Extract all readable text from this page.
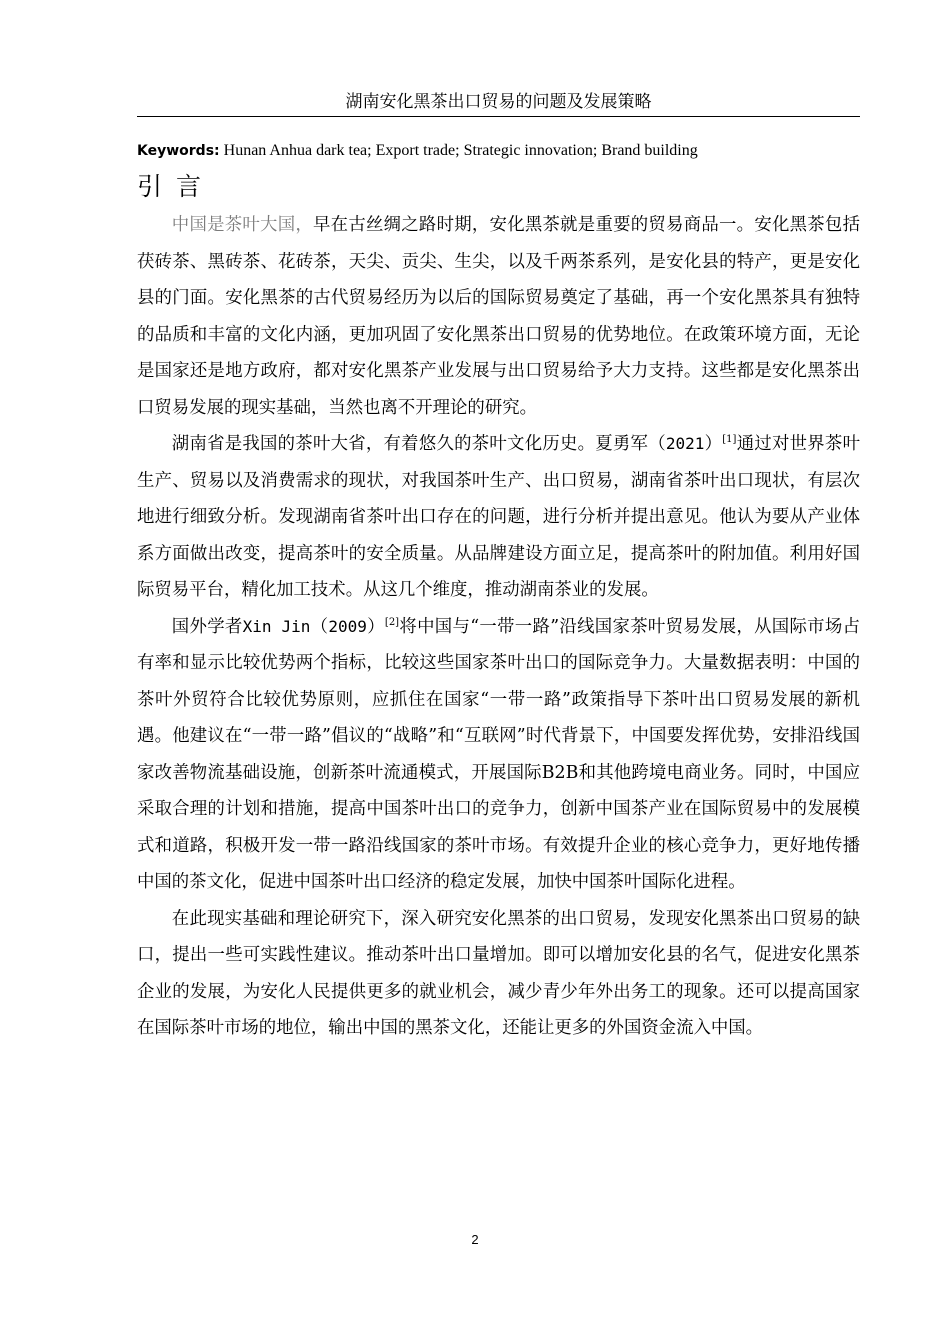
湖南安化黑茶出口贸易的问题及发展策略
Keywords: Hunan Anhua dark tea; Export trade; Strategic innovation; Brand building
引言

中国是茶叶大国，早在古丝绸之路时期，安化黑茶就是重要的贸易商品一。安化黑茶包括茯砖茶、黑砖茶、花砖茶，天尖、贡尖、生尖，以及千两茶系列，是安化县的特产，更是安化县的门面。安化黑茶的古代贸易经历为以后的国际贸易奠定了基础，再一个安化黑茶具有独特的品质和丰富的文化内涵，更加巩固了安化黑茶出口贸易的优势地位。在政策环境方面，无论是国家还是地方政府，都对安化黑茶产业发展与出口贸易给予大力支持。这些都是安化黑茶出口贸易发展的现实基础，当然也离不开理论的研究。

湖南省是我国的茶叶大省，有着悠久的茶叶文化历史。夏勇军（2021）[1]通过对世界茶叶生产、贸易以及消费需求的现状，对我国茶叶生产、出口贸易，湖南省茶叶出口现状，有层次地进行细致分析。发现湖南省茶叶出口存在的问题，进行分析并提出意见。他认为要从产业体系方面做出改变，提高茶叶的安全质量。从品牌建设方面立足，提高茶叶的附加值。利用好国际贸易平台，精化加工技术。从这几个维度，推动湖南茶业的发展。

国外学者Xin Jin（2009）[2]将中国与“一带一路”沿线国家茶叶贸易发展，从国际市场占有率和显示比较优势两个指标，比较这些国家茶叶出口的国际竞争力。大量数据表明：中国的茶叶外贸符合比较优势原则，应抓住在国家“一带一路”政策指导下茶叶出口贸易发展的新机遇。他建议在“一带一路”倡议的“战略”和“互联网”时代背景下，中国要发挥优势，安排沿线国家改善物流基础设施，创新茶叶流通模式，开展国际B2B和其他跨境电商业务。同时，中国应采取合理的计划和措施，提高中国茶叶出口的竞争力，创新中国茶产业在国际贸易中的发展模式和道路，积极开发一带一路沿线国家的茶叶市场。有效提升企业的核心竞争力，更好地传播中国的茶文化，促进中国茶叶出口经济的稳定发展，加快中国茶叶国际化进程。

在此现实基础和理论研究下，深入研究安化黑茶的出口贸易，发现安化黑茶出口贸易的缺口，提出一些可实践性建议。推动茶叶出口量增加。即可以增加安化县的名气，促进安化黑茶企业的发展，为安化人民提供更多的就业机会，减少青少年外出务工的现象。还可以提高国家在国际茶叶市场的地位，输出中国的黑茶文化，还能让更多的外国资金流入中国。

2
